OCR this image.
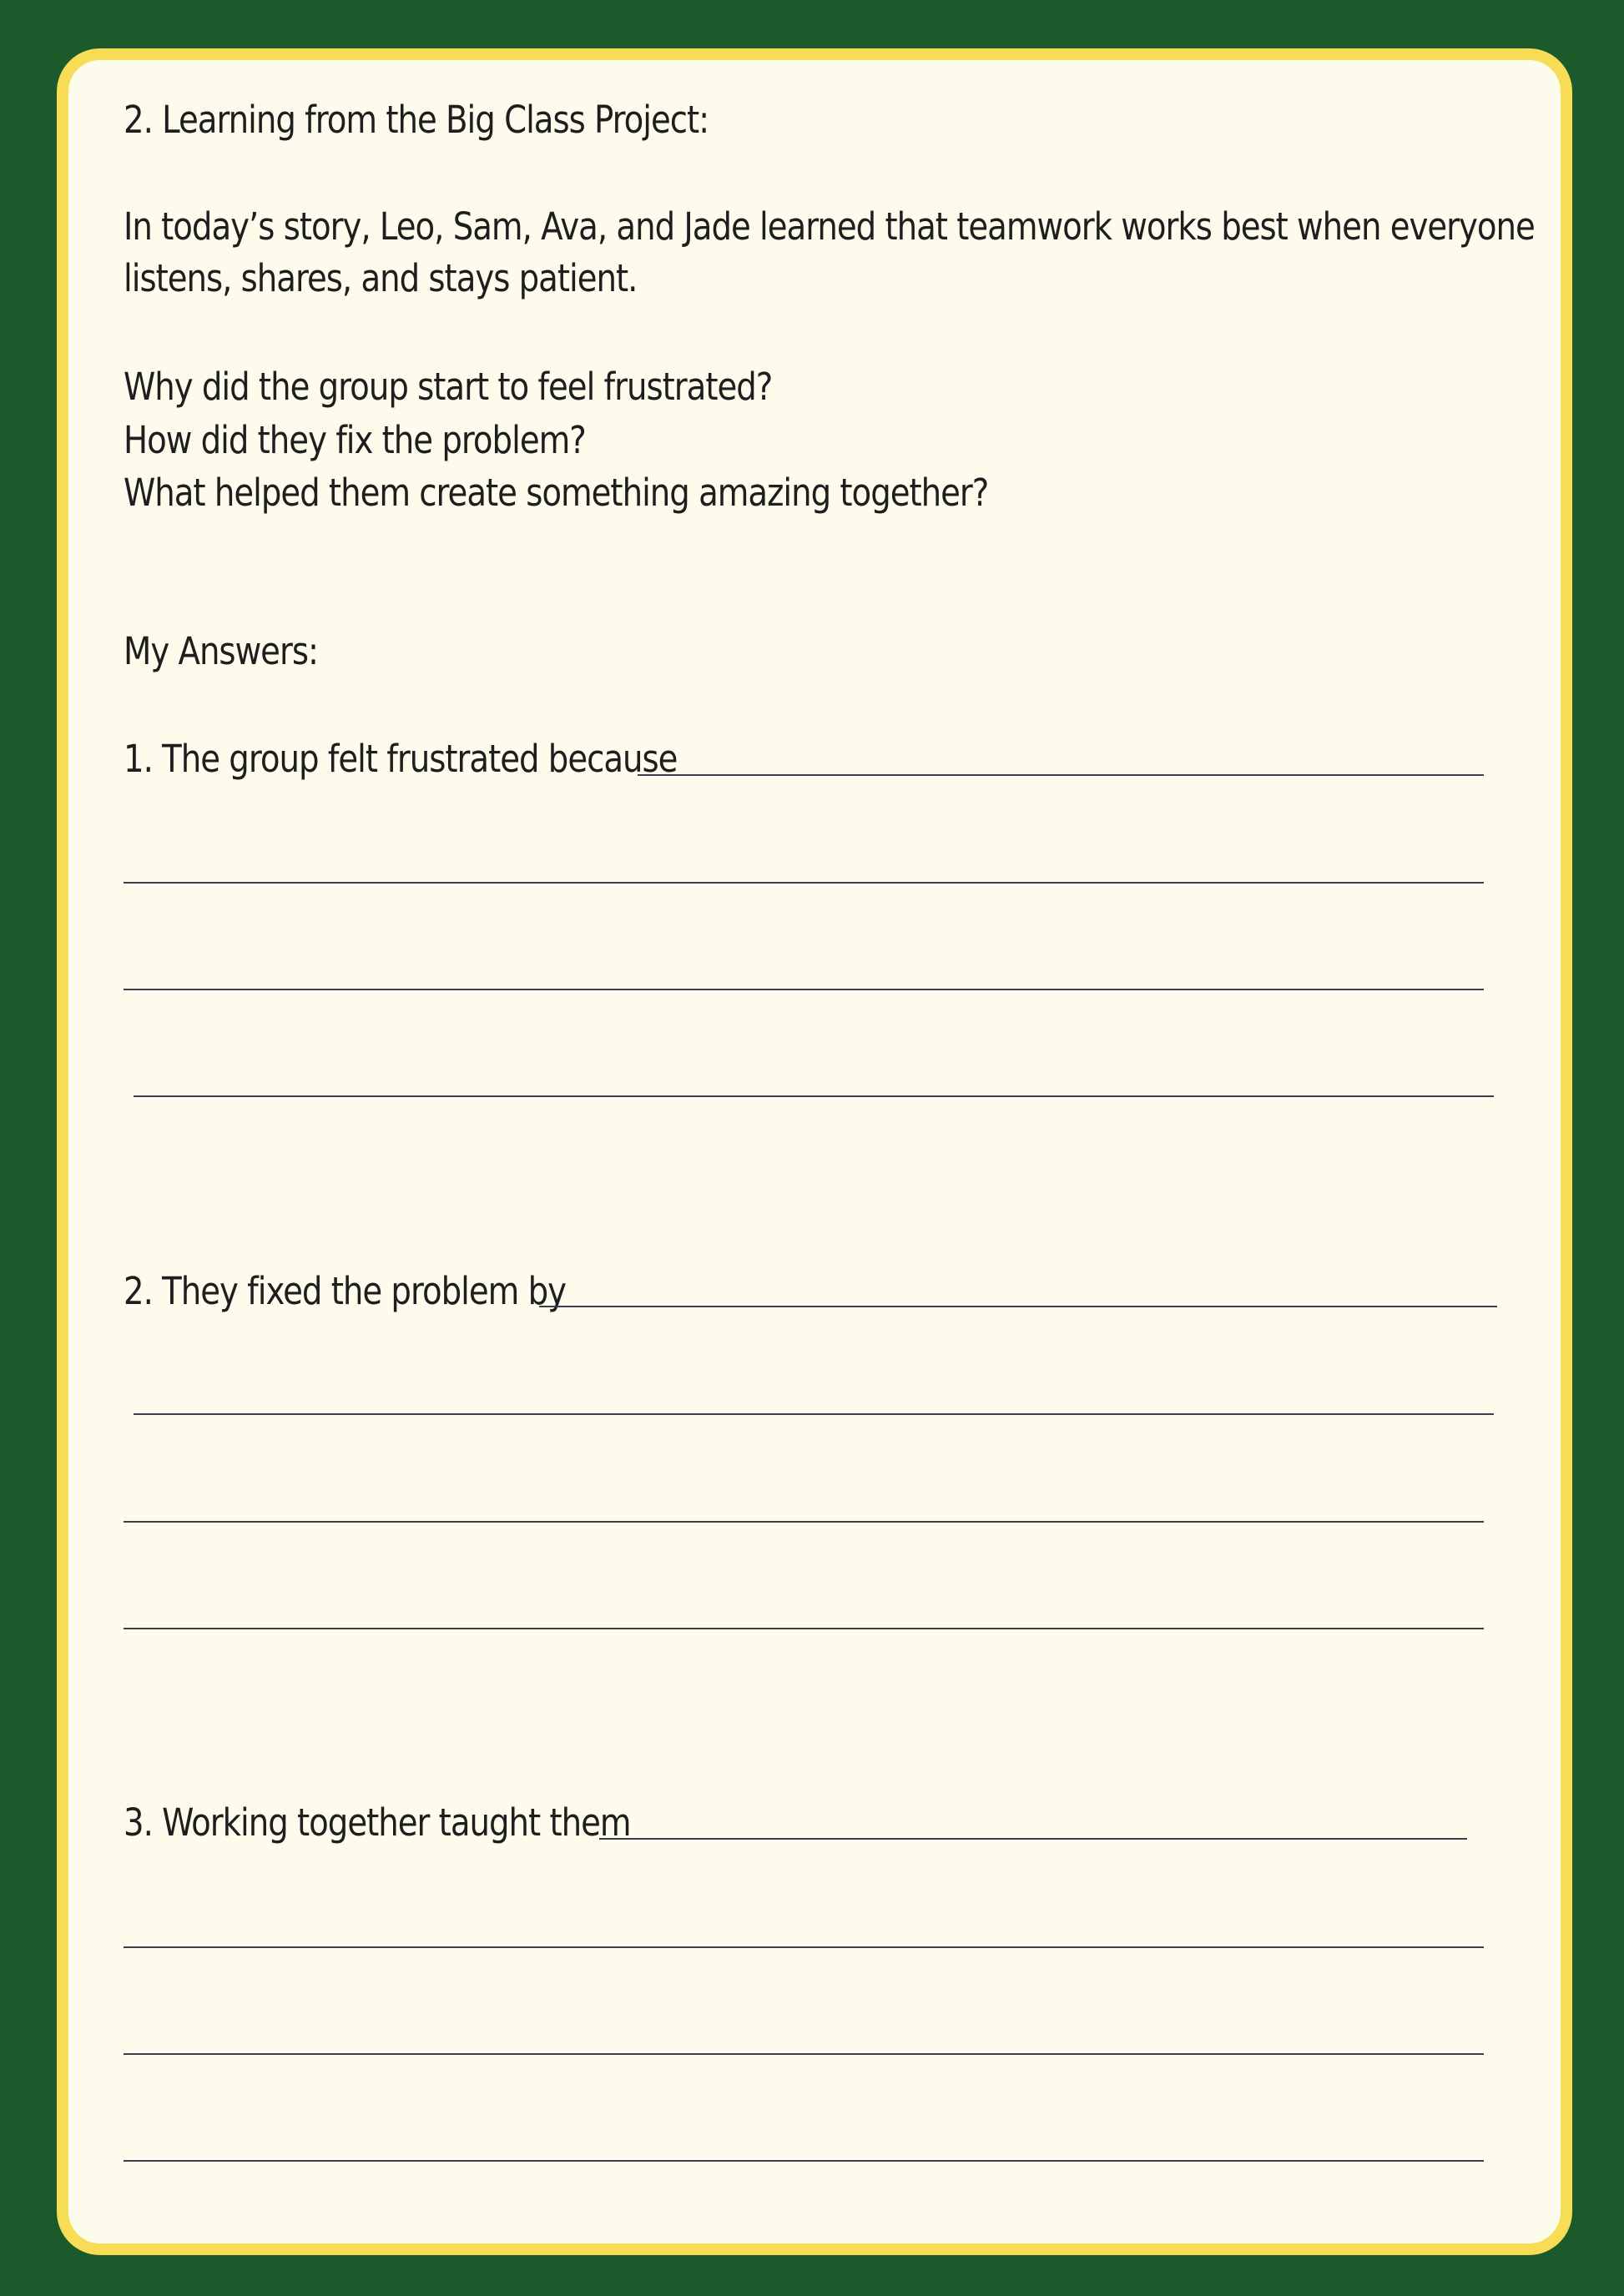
2. Learning from the Big Class Project:

In today’s story, Leo, Sam, Ava, and Jade learned that teamwork works best when everyone

listens, shares, and stays patient.

Why did the group start to feel frustrated?

How did they fix the problem?

What helped them create something amazing together?

My Answers:

1. The group felt frustrated because

2. They fixed the problem by

3. Working together taught them
